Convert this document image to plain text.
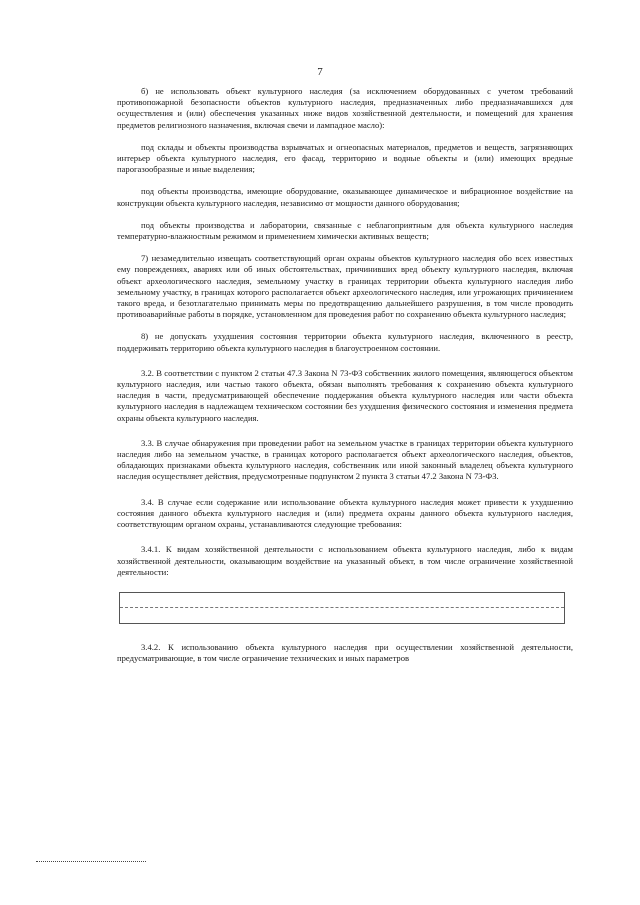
7

б) не использовать объект культурного наследия (за исключением оборудованных с учетом требований противопожарной безопасности объектов культурного наследия, предназначенных либо предназначавшихся для осуществления и (или) обеспечения указанных ниже видов хозяйственной деятельности, и помещений для хранения предметов религиозного назначения, включая свечи и лампадное масло):

под склады и объекты производства взрывчатых и огнеопасных материалов, предметов и веществ, загрязняющих интерьер объекта культурного наследия, его фасад, территорию и водные объекты и (или) имеющих вредные парогазообразные и иные выделения;

под объекты производства, имеющие оборудование, оказывающее динамическое и вибрационное воздействие на конструкции объекта культурного наследия, независимо от мощности данного оборудования;

под объекты производства и лаборатории, связанные с неблагоприятным для объекта культурного наследия температурно-влажностным режимом и применением химически активных веществ;

7) незамедлительно извещать соответствующий орган охраны объектов культурного наследия обо всех известных ему повреждениях, авариях или об иных обстоятельствах, причинивших вред объекту культурного наследия, включая объект археологического наследия, земельному участку в границах территории объекта культурного наследия либо земельному участку, в границах которого располагается объект археологического наследия, или угрожающих причинением такого вреда, и безотлагательно принимать меры по предотвращению дальнейшего разрушения, в том числе проводить противоаварийные работы в порядке, установленном для проведения работ по сохранению объекта культурного наследия;

8) не допускать ухудшения состояния территории объекта культурного наследия, включенного в реестр, поддерживать территорию объекта культурного наследия в благоустроенном состоянии.

3.2. В соответствии с пунктом 2 статьи 47.3 Закона N 73-ФЗ собственник жилого помещения, являющегося объектом культурного наследия, или частью такого объекта, обязан выполнять требования к сохранению объекта культурного наследия в части, предусматривающей обеспечение поддержания объекта культурного наследия или части объекта культурного наследия в надлежащем техническом состоянии без ухудшения физического состояния и изменения предмета охраны объекта культурного наследия.

3.3. В случае обнаружения при проведении работ на земельном участке в границах территории объекта культурного наследия либо на земельном участке, в границах которого располагается объект археологического наследия, объектов, обладающих признаками объекта культурного наследия, собственник или иной законный владелец объекта культурного наследия осуществляет действия, предусмотренные подпунктом 2 пункта 3 статьи 47.2 Закона N 73-ФЗ.

3.4. В случае если содержание или использование объекта культурного наследия может привести к ухудшению состояния данного объекта культурного наследия и (или) предмета охраны данного объекта культурного наследия, соответствующим органом охраны, устанавливаются следующие требования:

3.4.1. К видам хозяйственной деятельности с использованием объекта культурного наследия, либо к видам хозяйственной деятельности, оказывающим воздействие на указанный объект, в том числе ограничение хозяйственной деятельности:

3.4.2. К использованию объекта культурного наследия при осуществлении хозяйственной деятельности, предусматривающие, в том числе ограничение технических и иных параметров
